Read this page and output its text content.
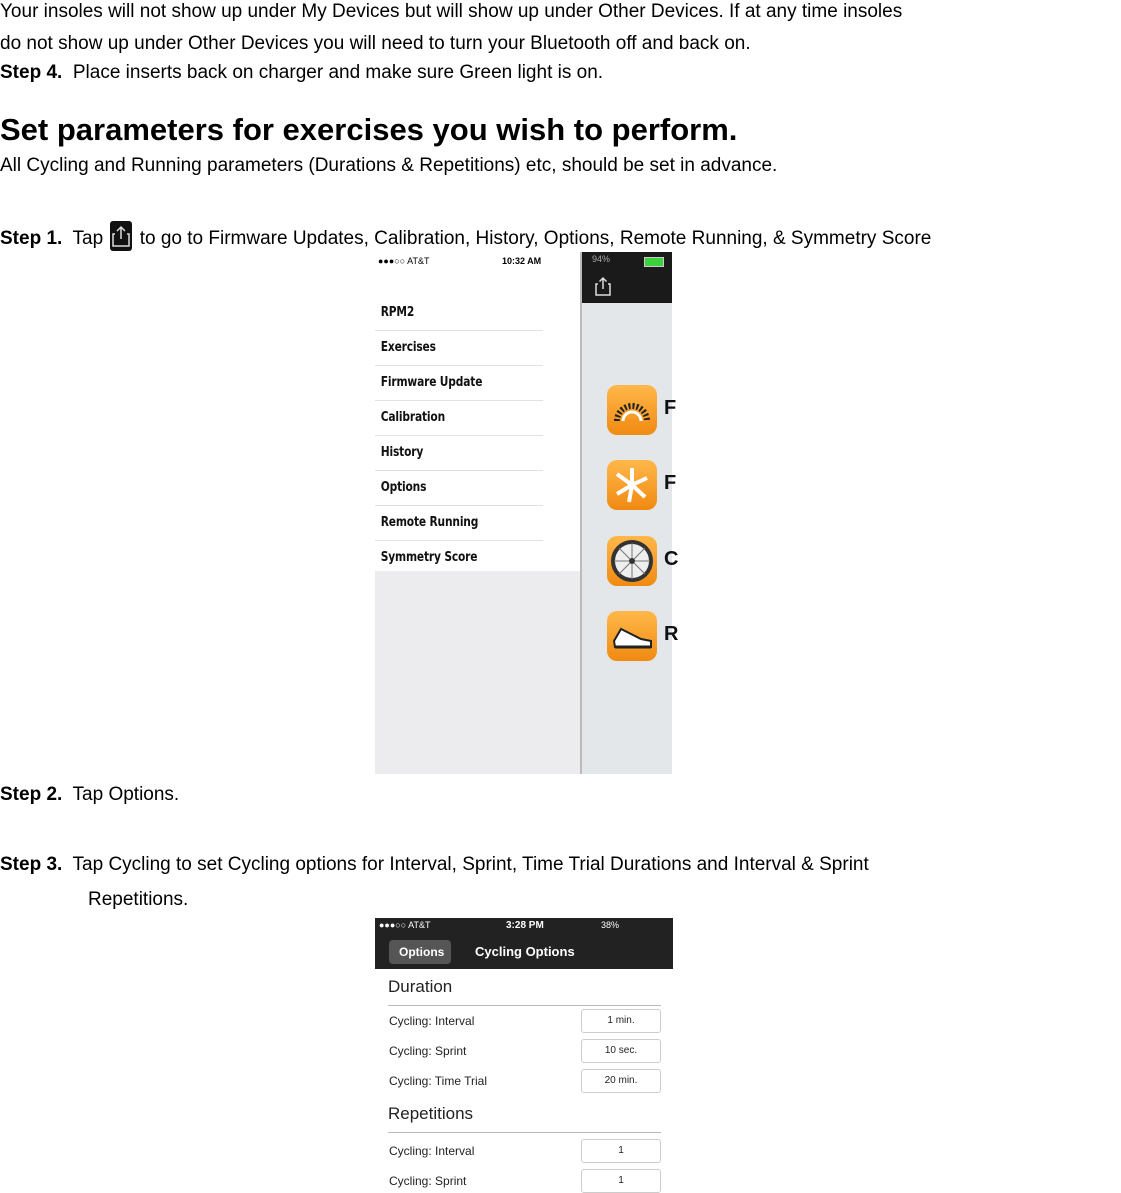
Your insoles will not show up under My Devices but will show up under Other Devices. If at any time insoles
do not show up under Other Devices you will need to turn your Bluetooth off and back on.
Step 4.  Place inserts back on charger and make sure Green light is on.
Set parameters for exercises you wish to perform.
All Cycling and Running parameters (Durations & Repetitions) etc, should be set in advance.
Step 1.  Tap
to go to Firmware Updates, Calibration, History, Options, Remote Running, & Symmetry Score
●●●○○ AT&T	10:32 AM
RPM2
Exercises
Firmware Update
Calibration
History
Options
Remote Running
Symmetry Score
94%
F
F
C
R
Step 2.  Tap Options.
Step 3.  Tap Cycling to set Cycling options for Interval, Sprint, Time Trial Durations and Interval & Sprint
Repetitions.
●●●○○ AT&T	3:28 PM	38%
Options	Cycling Options
Duration
Cycling: Interval	1 min.
Cycling: Sprint	10 sec.
Cycling: Time Trial	20 min.
Repetitions
Cycling: Interval	1
Cycling: Sprint	1
